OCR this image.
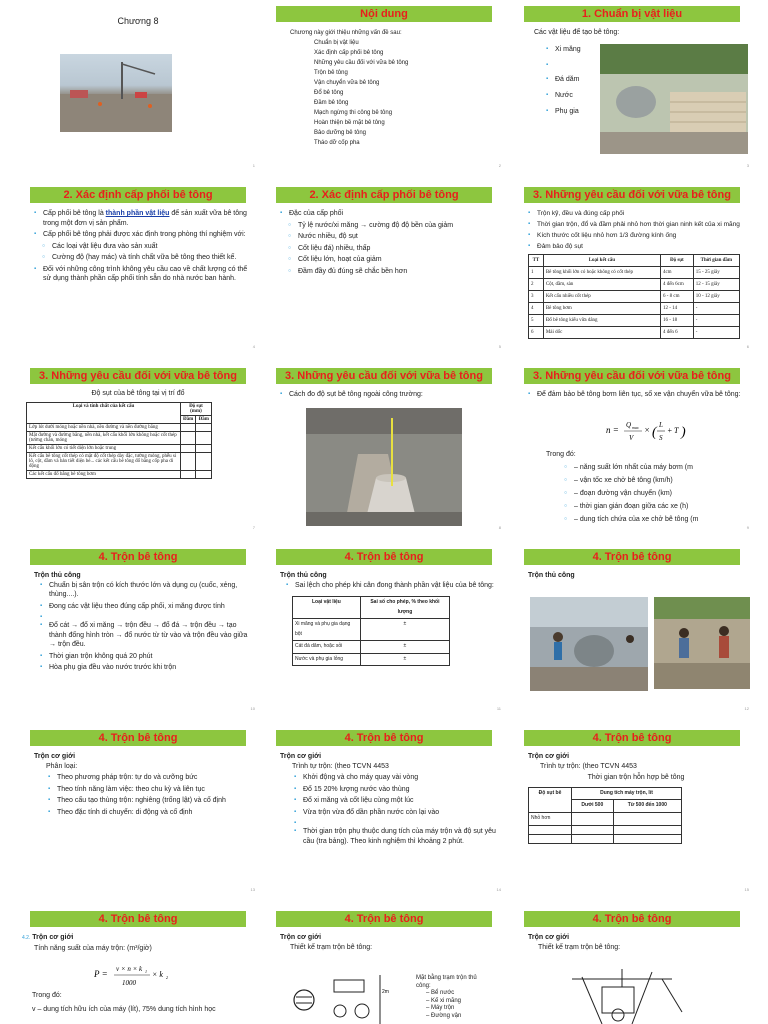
Chương 8
1
Nội dung
Chương này giới thiệu những vấn đề sau:
Chuẩn bị vật liệu
Xác định cấp phối bê tông
Những yêu cầu đối với vữa bê tông
Trộn bê tông
Vận chuyển vữa bê tông
Đổ bê tông
Đầm bê tông
Mạch ngừng thi công bê tông
Hoàn thiện bề mặt bê tông
Bảo dưỡng bê tông
Tháo dỡ cốp pha
2
1. Chuẩn bị vật liệu
Các vật liệu để tạo bê tông:
▪ Xi măng
▪
▪ Đá dăm
▪ Nước
▪ Phụ gia
3
2. Xác định cấp phối bê tông
▪ Cấp phối bê tông là thành phần vật liệu để sản xuất vữa bê tông trong một đơn vị sản phẩm.
▪ Cấp phối bê tông phải được xác định trong phòng thí nghiệm với:
○ Các loại vật liệu đưa vào sản xuất
○ Cường độ (hay mác) và tính chất vữa bê tông theo thiết kế.
▪ Đối với những công trình không yêu cầu cao về chất lượng có thể sử dụng thành phần cấp phối tính sẵn do nhà nước ban hành.
4
2. Xác định cấp phối bê tông
▪ Đặc của cấp phối
○ Tỷ lệ nước/xi măng → cường độ độ bền của giảm
○ Nước nhiều, độ sụt
○ Cốt liệu đá) nhiều, thấp
○ Cốt liệu lớn, hoạt của giảm
○ Đầm đầy đủ đúng sẽ chắc bền hơn
5
3. Những yêu cầu đối với vữa bê tông
▪ Trộn kỹ, đều và đúng cấp phối
▪ Thời gian trộn, đổ và đầm phải nhỏ hơn thời gian ninh kết của xi măng
▪ Kích thước cốt liệu nhỏ hơn 1/3 đường kính ống
▪ Đảm bảo độ sụt
TT	Loại kết cấu	Độ sụt	Thời gian đầm
1	Bê tông khối lớn có hoặc không có cốt thép	4cm	15 - 25 giây
2	Cột, dầm, sàn	4 đến 6cm	12 - 15 giây
3	Kết cấu nhiều cốt thép	6 - 8 cm	10 - 12 giây
4	Bê tông bơm	12 - 14	-
5	Đổ bê tông kiểu vữa dâng	16 - 18	-
6	Mái dốc	4 đến 6	-
6
3. Những yêu cầu đối với vữa bê tông
Độ sụt của bê tông tại vị trí đổ
Loại và tính chất của kết cấu	Độ sụt (mm)	
	Đầm	Đầm
Lớp lót dưới móng hoặc nền nhà, nền đường và nền đường băng		
Mặt đường và đường băng, nền nhà, kết cấu khối lớn không hoặc cốt thép (tường chắn, móng		
Kết cấu khối lớn có tiết diện lớn hoặc trung		
Kết cấu bê tông cốt thép có mật độ cốt thép dày đặc, tường mỏng, phễu si lô, cột, dầm và bản tiết diện bé... các kết cấu bê tông đổ bằng cốp pha di động		
Các kết cấu đổ bằng bê tông bơm		
7
3. Những yêu cầu đối với vữa bê tông
▪ Cách đo độ sụt bê tông ngoài công trường:
8
3. Những yêu cầu đối với vữa bê tông
▪ Để đảm bảo bê tông bơm liên tục, số xe vận chuyển vữa bê tông:
n = Q max
V
× ( L
S
+ T )
Trong đó:
○ – năng suất lớn nhất của máy bơm (m
○ – vận tốc xe chở bê tông (km/h)
○ – đoạn đường vận chuyển (km)
○ – thời gian gián đoạn giữa các xe (h)
○ – dung tích chứa của xe chở bê tông (m
9
4. Trộn bê tông
Trộn thủ công
▪ Chuẩn bị sân trộn có kích thước lớn và dụng cụ (cuốc, xẻng, thùng....).
▪ Đong các vật liệu theo đúng cấp phối, xi măng được tính
▪
▪ Đổ cát → đổ xi măng → trộn đều → đổ đá → trộn đều → tạo thành đống hình tròn → đổ nước từ từ vào và trộn đều vào giữa → trộn đều.
▪ Thời gian trộn không quá 20 phút
▪ Hòa phụ gia đều vào nước trước khi trộn
10
4. Trộn bê tông
Trộn thủ công
▪ Sai lệch cho phép khi cân đong thành phần vật liệu của bê tông:
Loại vật liệu	Sai số cho phép, % theo khối lượng
Xi măng và phụ gia dạng bột	±
Cát đá dăm, hoặc sỏi	±
Nước và phụ gia lỏng	±
11
4. Trộn bê tông
Trộn thủ công
12
4. Trộn bê tông
Trộn cơ giới
Phân loại:
▪ Theo phương pháp trộn: tự do và cưỡng bức
▪ Theo tính năng làm việc: theo chu kỳ và liên tục
▪ Theo cấu tạo thùng trộn: nghiêng (trống lật) và cố định
▪ Theo đặc tính di chuyển: di động và cố định
13
4. Trộn bê tông
Trộn cơ giới
Trình tự trộn: (theo TCVN 4453
▪ Khởi động và cho máy quay vài vòng
▪ Đổ 15 20% lượng nước vào thùng
▪ Đổ xi măng và cốt liệu cùng một lúc
▪ Vừa trộn vừa đổ dần phần nước còn lại vào
▪
▪ Thời gian trộn phụ thuộc dung tích của máy trộn và độ sụt yêu cầu (tra bảng). Theo kinh nghiệm thì khoảng 2 phút.
14
4. Trộn bê tông
Trộn cơ giới
Trình tự trộn: (theo TCVN 4453
Thời gian trộn hỗn hợp bê tông
Độ sụt bê	Dung tích máy trộn, lít	
	Dưới 500	Từ 500 đến 1000
Nhỏ hơn		

15
4. Trộn bê tông
4.2. Trộn cơ giới
Tính năng suất của máy trộn: (m³/giờ)
P = v × n × k 1
1000
× k 2
Trong đó:
v – dung tích hữu ích của máy (lít), 75% dung tích hình học
4. Trộn bê tông
Trộn cơ giới
Thiết kế trạm trộn bê tông:
2m
Mặt bằng trạm trộn thủ công:
– Bể nước
– Kế xi măng
– Máy trộn
– Đường vận
4. Trộn bê tông
Trộn cơ giới
Thiết kế trạm trộn bê tông:
